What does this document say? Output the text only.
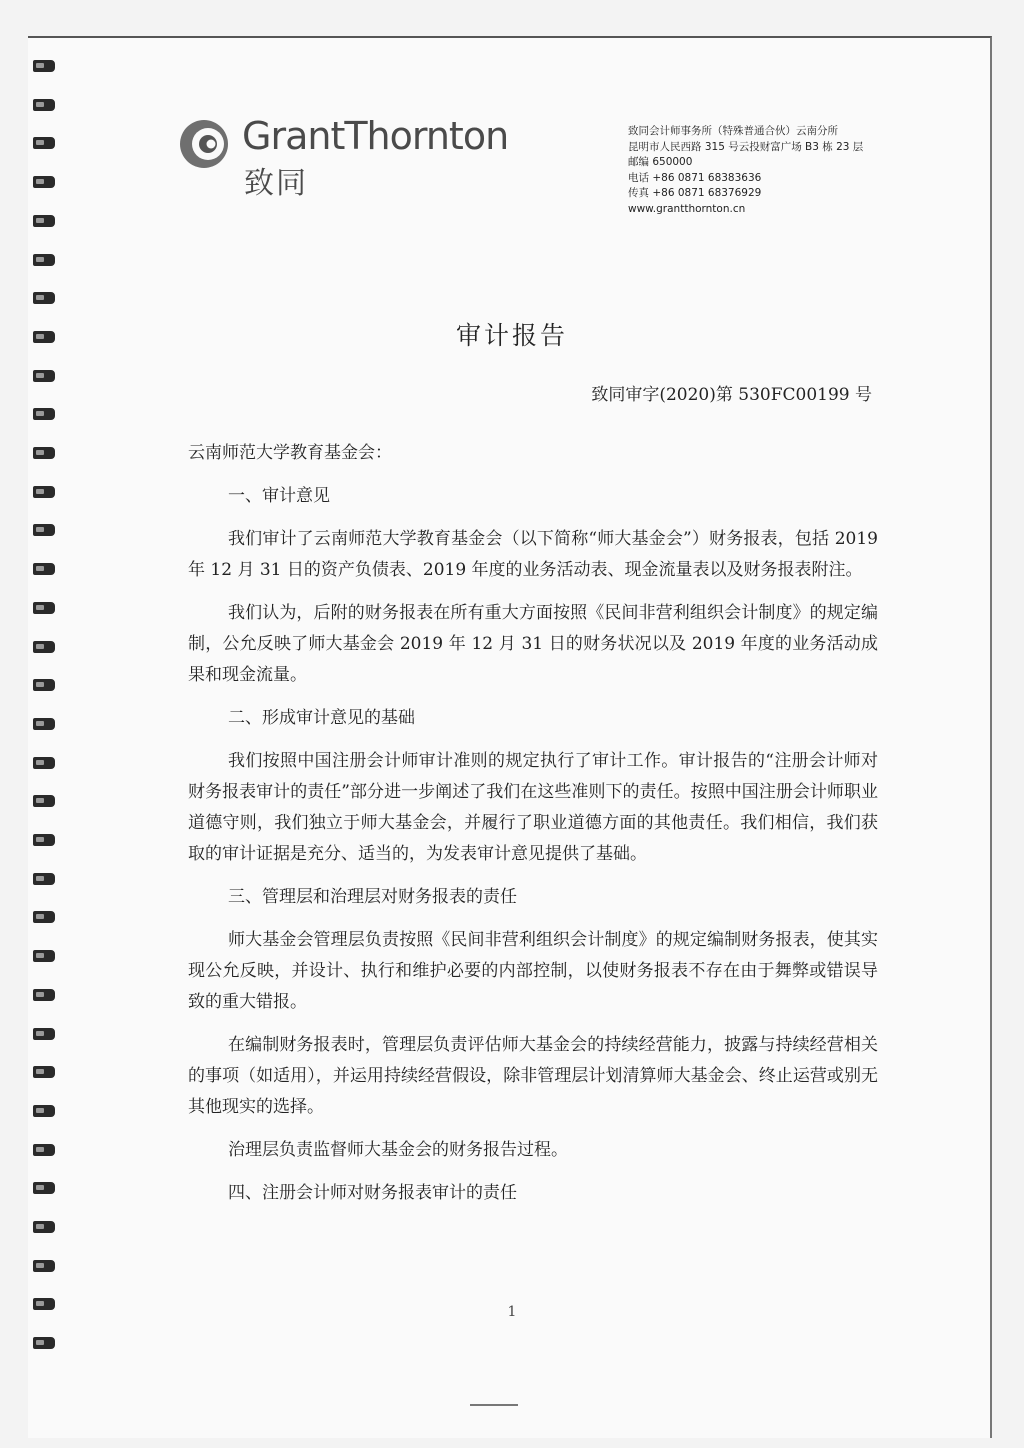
GrantThornton
致同
致同会计师事务所（特殊普通合伙）云南分所
昆明市人民西路 315 号云投财富广场 B3 栋 23 层
邮编 650000
电话 +86 0871 68383636
传真 +86 0871 68376929
www.grantthornton.cn
审计报告
致同审字(2020)第 530FC00199 号

云南师范大学教育基金会：

一、审计意见

我们审计了云南师范大学教育基金会（以下简称“师大基金会”）财务报表，包括 2019 年 12 月 31 日的资产负债表、2019 年度的业务活动表、现金流量表以及财务报表附注。

我们认为，后附的财务报表在所有重大方面按照《民间非营利组织会计制度》的规定编制，公允反映了师大基金会 2019 年 12 月 31 日的财务状况以及 2019 年度的业务活动成果和现金流量。

二、形成审计意见的基础

我们按照中国注册会计师审计准则的规定执行了审计工作。审计报告的“注册会计师对财务报表审计的责任”部分进一步阐述了我们在这些准则下的责任。按照中国注册会计师职业道德守则，我们独立于师大基金会，并履行了职业道德方面的其他责任。我们相信，我们获取的审计证据是充分、适当的，为发表审计意见提供了基础。

三、管理层和治理层对财务报表的责任

师大基金会管理层负责按照《民间非营利组织会计制度》的规定编制财务报表，使其实现公允反映，并设计、执行和维护必要的内部控制，以使财务报表不存在由于舞弊或错误导致的重大错报。

在编制财务报表时，管理层负责评估师大基金会的持续经营能力，披露与持续经营相关的事项（如适用），并运用持续经营假设，除非管理层计划清算师大基金会、终止运营或别无其他现实的选择。

治理层负责监督师大基金会的财务报告过程。

四、注册会计师对财务报表审计的责任

1
